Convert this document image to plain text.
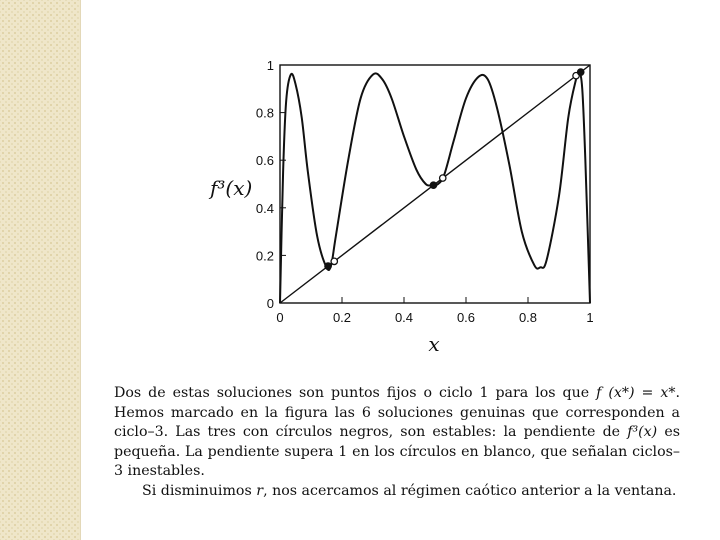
0
0.2
0.4
0.6
0.8
1
0	0.2	0.4	0.6	0.8	1
f³(x)
x

Dos de estas soluciones son puntos fijos o ciclo 1 para los que f (x*) = x*. Hemos marcado en la figura las 6 soluciones genuinas que corresponden a ciclo–3. Las tres con círculos negros, son estables: la pendiente de f³(x) es pequeña. La pendiente supera 1 en los círculos en blanco, que señalan ciclos–3 inestables.

Si disminuimos r, nos acercamos al régimen caótico anterior a la ventana.
